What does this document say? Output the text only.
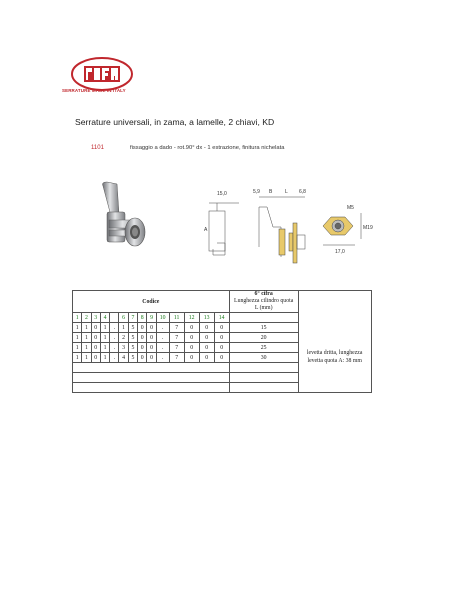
SERRATURE MADE IN ITALY
Serrature universali, in zama, a lamelle, 2 chiavi, KD
1101	fissaggio a dado - rot.90° dx - 1 estrazione, finitura nichelata
15,0	5,9 B	L 6,8
A
M5
M19
17,0
Codice														6° cifra

Lunghezza cilindro quota L (mm)	

1	2	3	4		6	7	8	9	10	11	12	13	14		
1	1	0	1	.	1	5	0	0	.	7	0	0	0	15	levetta dritta, lunghezza levetta quota A: 38 mm
1	1	0	1	.	2	5	0	0	.	7	0	0	0	20	
1	1	0	1	.	3	5	0	0	.	7	0	0	0	25	
1	1	0	1	.	4	5	0	0	.	7	0	0	0	30	
